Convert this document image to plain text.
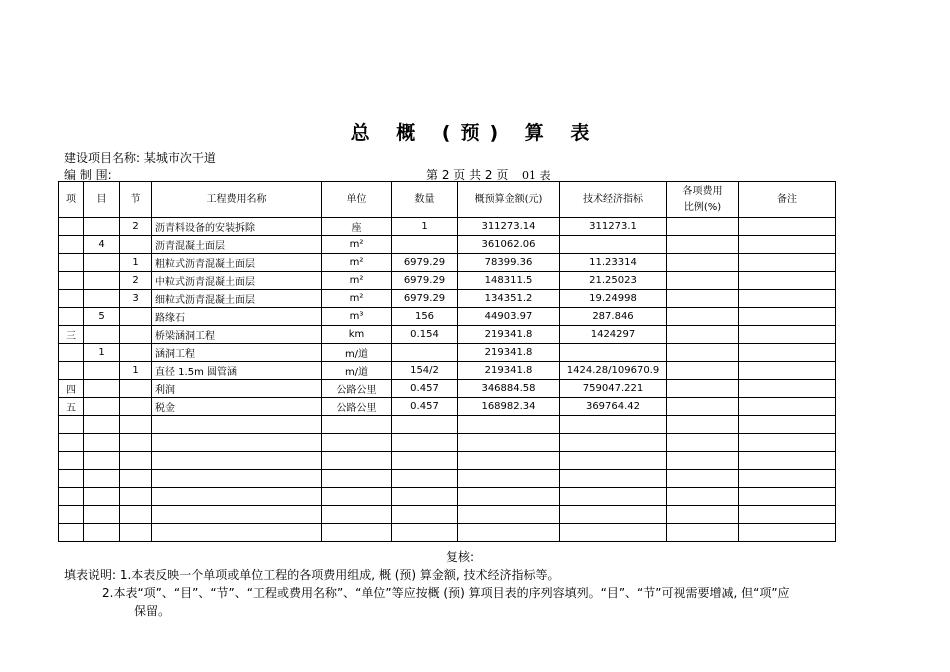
总 概 (预) 算 表
建设项目名称: 某城市次干道
编 制 围:	第 2 页 共 2 页 01 表
项	目	节	工程费用名称	单位	数量	概预算金额(元)	技术经济指标	各项费用
比例(%)	备注
		2	沥青料设备的安装拆除	座	1	311273.14	311273.1		
	4		沥青混凝土面层	m²		361062.06			
		1	粗粒式沥青混凝土面层	m²	6979.29	78399.36	11.23314		
		2	中粒式沥青混凝土面层	m²	6979.29	148311.5	21.25023		
		3	细粒式沥青混凝土面层	m²	6979.29	134351.2	19.24998		
	5		路缘石	m³	156	44903.97	287.846		
三			桥梁涵洞工程	km	0.154	219341.8	1424297		
	1		涵洞工程	m/道		219341.8			
		1	直径 1.5m 圆管涵	m/道	154/2	219341.8	1424.28/109670.9		
四			利润	公路公里	0.457	346884.58	759047.221		
五			税金	公路公里	0.457	168982.34	369764.42		

复核:
填表说明: 1.本表反映一个单项或单位工程的各项费用组成, 概 (预) 算金额, 技术经济指标等。
2.本表“项”、“目”、“节”、“工程或费用名称”、“单位”等应按概 (预) 算项目表的序列容填列。“目”、“节”可视需要增减, 但“项”应
保留。
